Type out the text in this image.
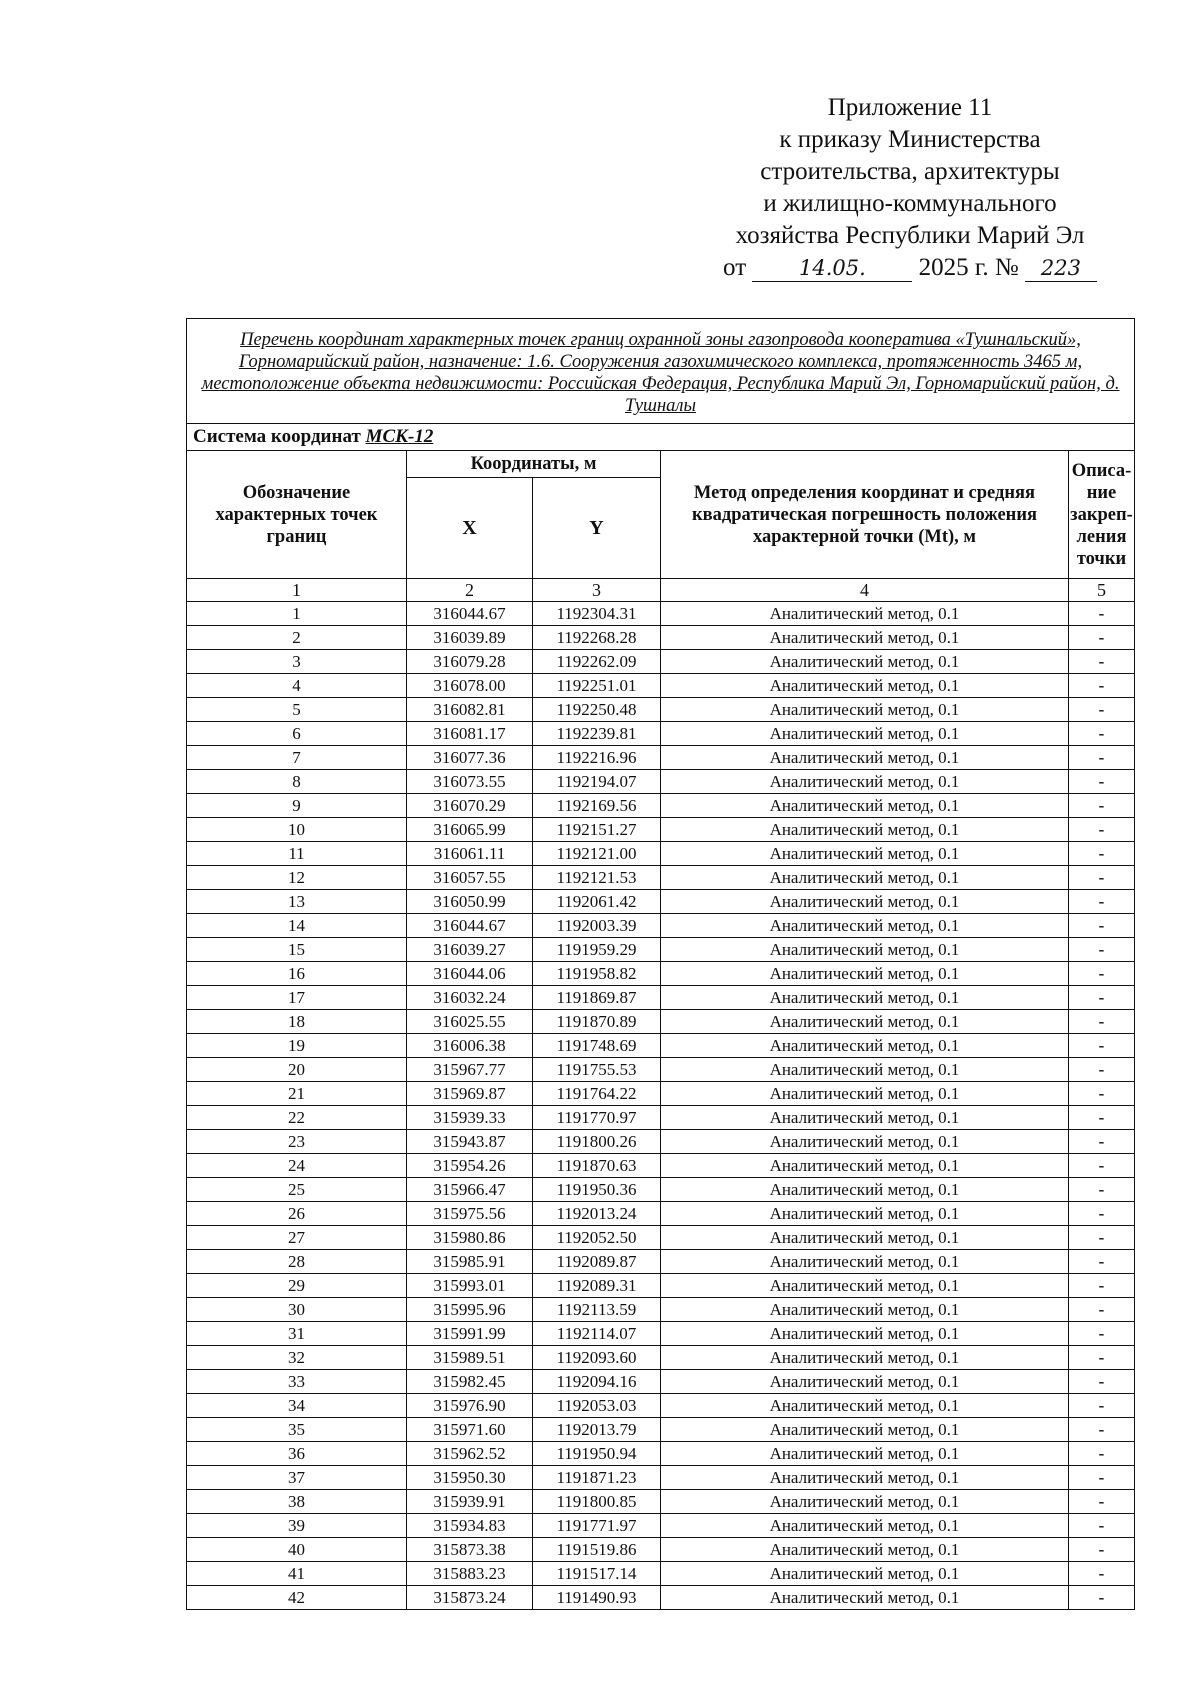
Приложение 11
к приказу Министерства
строительства, архитектуры
и жилищно-коммунального
хозяйства Республики Марий Эл
от	14.05. 2025 г. № 223
Перечень координат характерных точек границ охранной зоны газопровода кооператива «Тушнальский», Горномарийский район, назначение: 1.6. Сооружения газохимического комплекса, протяженность 3465 м, местоположение объекта недвижимости: Российская Федерация, Республика Марий Эл, Горномарийский район, д. Тушналы				
Система координат МСК-12				
Обозначение характерных точек границ	Координаты, м		Метод определения координат и средняя квадратическая погрешность положения характерной точки (Mt), м	Описа-ние закреп-ления точки
	X	Y		
1	2	3	4	5
1	316044.67	1192304.31	Аналитический метод, 0.1	-
2	316039.89	1192268.28	Аналитический метод, 0.1	-
3	316079.28	1192262.09	Аналитический метод, 0.1	-
4	316078.00	1192251.01	Аналитический метод, 0.1	-
5	316082.81	1192250.48	Аналитический метод, 0.1	-
6	316081.17	1192239.81	Аналитический метод, 0.1	-
7	316077.36	1192216.96	Аналитический метод, 0.1	-
8	316073.55	1192194.07	Аналитический метод, 0.1	-
9	316070.29	1192169.56	Аналитический метод, 0.1	-
10	316065.99	1192151.27	Аналитический метод, 0.1	-
11	316061.11	1192121.00	Аналитический метод, 0.1	-
12	316057.55	1192121.53	Аналитический метод, 0.1	-
13	316050.99	1192061.42	Аналитический метод, 0.1	-
14	316044.67	1192003.39	Аналитический метод, 0.1	-
15	316039.27	1191959.29	Аналитический метод, 0.1	-
16	316044.06	1191958.82	Аналитический метод, 0.1	-
17	316032.24	1191869.87	Аналитический метод, 0.1	-
18	316025.55	1191870.89	Аналитический метод, 0.1	-
19	316006.38	1191748.69	Аналитический метод, 0.1	-
20	315967.77	1191755.53	Аналитический метод, 0.1	-
21	315969.87	1191764.22	Аналитический метод, 0.1	-
22	315939.33	1191770.97	Аналитический метод, 0.1	-
23	315943.87	1191800.26	Аналитический метод, 0.1	-
24	315954.26	1191870.63	Аналитический метод, 0.1	-
25	315966.47	1191950.36	Аналитический метод, 0.1	-
26	315975.56	1192013.24	Аналитический метод, 0.1	-
27	315980.86	1192052.50	Аналитический метод, 0.1	-
28	315985.91	1192089.87	Аналитический метод, 0.1	-
29	315993.01	1192089.31	Аналитический метод, 0.1	-
30	315995.96	1192113.59	Аналитический метод, 0.1	-
31	315991.99	1192114.07	Аналитический метод, 0.1	-
32	315989.51	1192093.60	Аналитический метод, 0.1	-
33	315982.45	1192094.16	Аналитический метод, 0.1	-
34	315976.90	1192053.03	Аналитический метод, 0.1	-
35	315971.60	1192013.79	Аналитический метод, 0.1	-
36	315962.52	1191950.94	Аналитический метод, 0.1	-
37	315950.30	1191871.23	Аналитический метод, 0.1	-
38	315939.91	1191800.85	Аналитический метод, 0.1	-
39	315934.83	1191771.97	Аналитический метод, 0.1	-
40	315873.38	1191519.86	Аналитический метод, 0.1	-
41	315883.23	1191517.14	Аналитический метод, 0.1	-
42	315873.24	1191490.93	Аналитический метод, 0.1	-
